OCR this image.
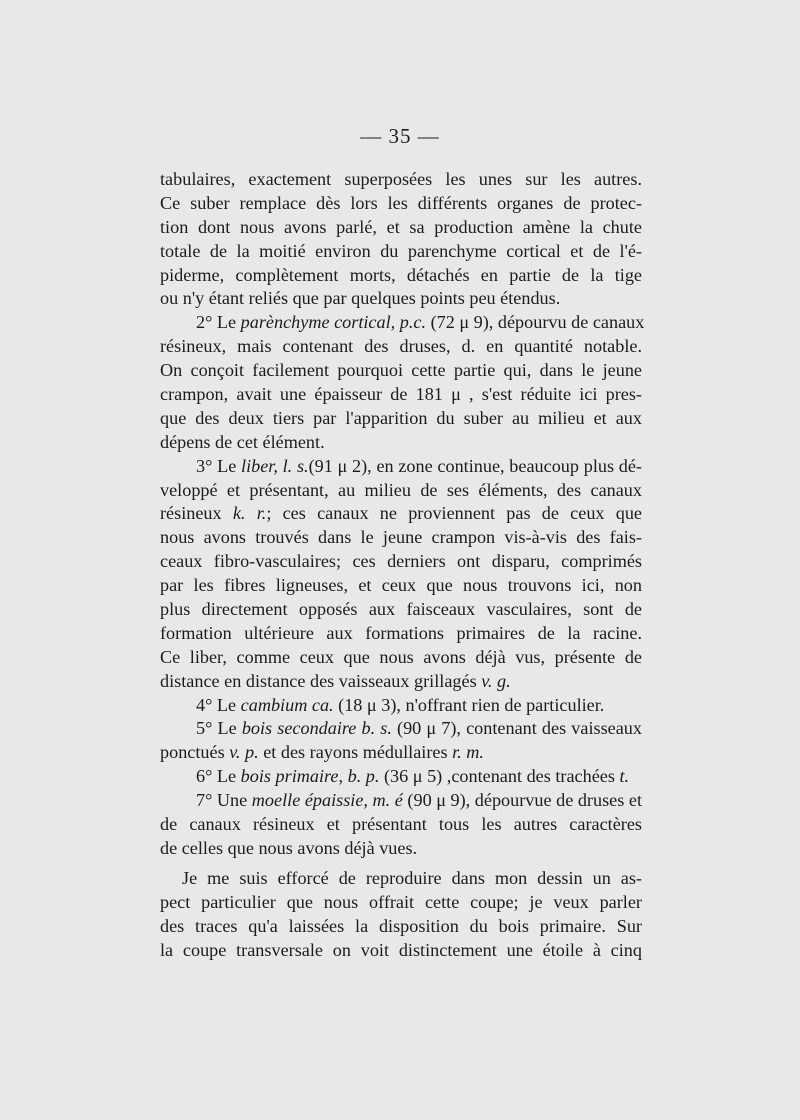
— 35 —
tabulaires, exactement superposées les unes sur les autres.
Ce suber remplace dès lors les différents organes de protec-
tion dont nous avons parlé, et sa production amène la chute
totale de la moitié environ du parenchyme cortical et de l'é-
piderme, complètement morts, détachés en partie de la tige
ou n'y étant reliés que par quelques points peu étendus.
2° Le parènchyme cortical, p.c. (72 μ 9), dépourvu de canaux
résineux, mais contenant des druses, d. en quantité notable.
On conçoit facilement pourquoi cette partie qui, dans le jeune
crampon, avait une épaisseur de 181 μ , s'est réduite ici pres-
que des deux tiers par l'apparition du suber au milieu et aux
dépens de cet élément.
3° Le liber, l. s.(91 μ 2), en zone continue, beaucoup plus dé-
veloppé et présentant, au milieu de ses éléments, des canaux
résineux k. r.; ces canaux ne proviennent pas de ceux que
nous avons trouvés dans le jeune crampon vis-à-vis des fais-
ceaux fibro-vasculaires; ces derniers ont disparu, comprimés
par les fibres ligneuses, et ceux que nous trouvons ici, non
plus directement opposés aux faisceaux vasculaires, sont de
formation ultérieure aux formations primaires de la racine.
Ce liber, comme ceux que nous avons déjà vus, présente de
distance en distance des vaisseaux grillagés v. g.
4° Le cambium ca. (18 μ 3), n'offrant rien de particulier.
5° Le bois secondaire b. s. (90 μ 7), contenant des vaisseaux
ponctués v. p. et des rayons médullaires r. m.
6° Le bois primaire, b. p. (36 μ 5) ,contenant des trachées t.
7° Une moelle épaissie, m. é (90 μ 9), dépourvue de druses et
de canaux résineux et présentant tous les autres caractères
de celles que nous avons déjà vues.
Je me suis efforcé de reproduire dans mon dessin un as-
pect particulier que nous offrait cette coupe; je veux parler
des traces qu'a laissées la disposition du bois primaire. Sur
la coupe transversale on voit distinctement une étoile à cinq
